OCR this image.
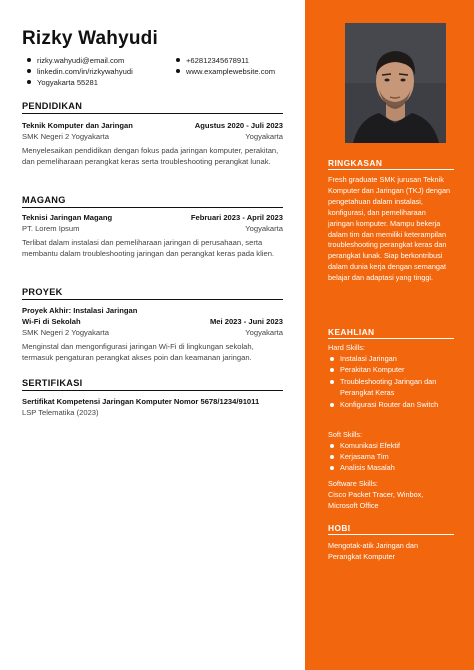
Rizky Wahyudi
rizky.wahyudi@email.com
linkedin.com/in/rizkywahyudi
Yogyakarta 55281
+62812345678911
www.examplewebsite.com
PENDIDIKAN
Teknik Komputer dan Jaringan	Agustus 2020 - Juli 2023
SMK Negeri 2 Yogyakarta	Yogyakarta
Menyelesaikan pendidikan dengan fokus pada jaringan komputer, perakitan, dan pemeliharaan perangkat keras serta troubleshooting perangkat lunak.
MAGANG
Teknisi Jaringan Magang	Februari 2023 - April 2023
PT. Lorem Ipsum	Yogyakarta
Terlibat dalam instalasi dan pemeliharaan jaringan di perusahaan, serta membantu dalam troubleshooting jaringan dan perangkat keras pada klien.
PROYEK
Proyek Akhir: Instalasi Jaringan
Wi-Fi di Sekolah	Mei 2023 - Juni 2023
SMK Negeri 2 Yogyakarta	Yogyakarta
Menginstal dan mengonfigurasi jaringan Wi-Fi di lingkungan sekolah, termasuk pengaturan perangkat akses poin dan keamanan jaringan.
SERTIFIKASI
Sertifikat Kompetensi Jaringan Komputer Nomor 5678/1234/91011
LSP Telematika (2023)
RINGKASAN
Fresh graduate SMK jurusan Teknik Komputer dan Jaringan (TKJ) dengan pengetahuan dalam instalasi, konfigurasi, dan pemeliharaan jaringan komputer. Mampu bekerja dalam tim dan memiliki keterampilan troubleshooting perangkat keras dan perangkat lunak. Siap berkontribusi dalam dunia kerja dengan semangat belajar dan adaptasi yang tinggi.
KEAHLIAN
Hard Skills:
Instalasi Jaringan
Perakitan Komputer
Troubleshooting Jaringan dan Perangkat Keras
Konfigurasi Router dan Switch
Soft Skills:
Komunikasi Efektif
Kerjasama Tim
Analisis Masalah
Software Skills:
Cisco Packet Tracer, Winbox, Microsoft Office
HOBI
Mengotak-atik Jaringan dan Perangkat Komputer
